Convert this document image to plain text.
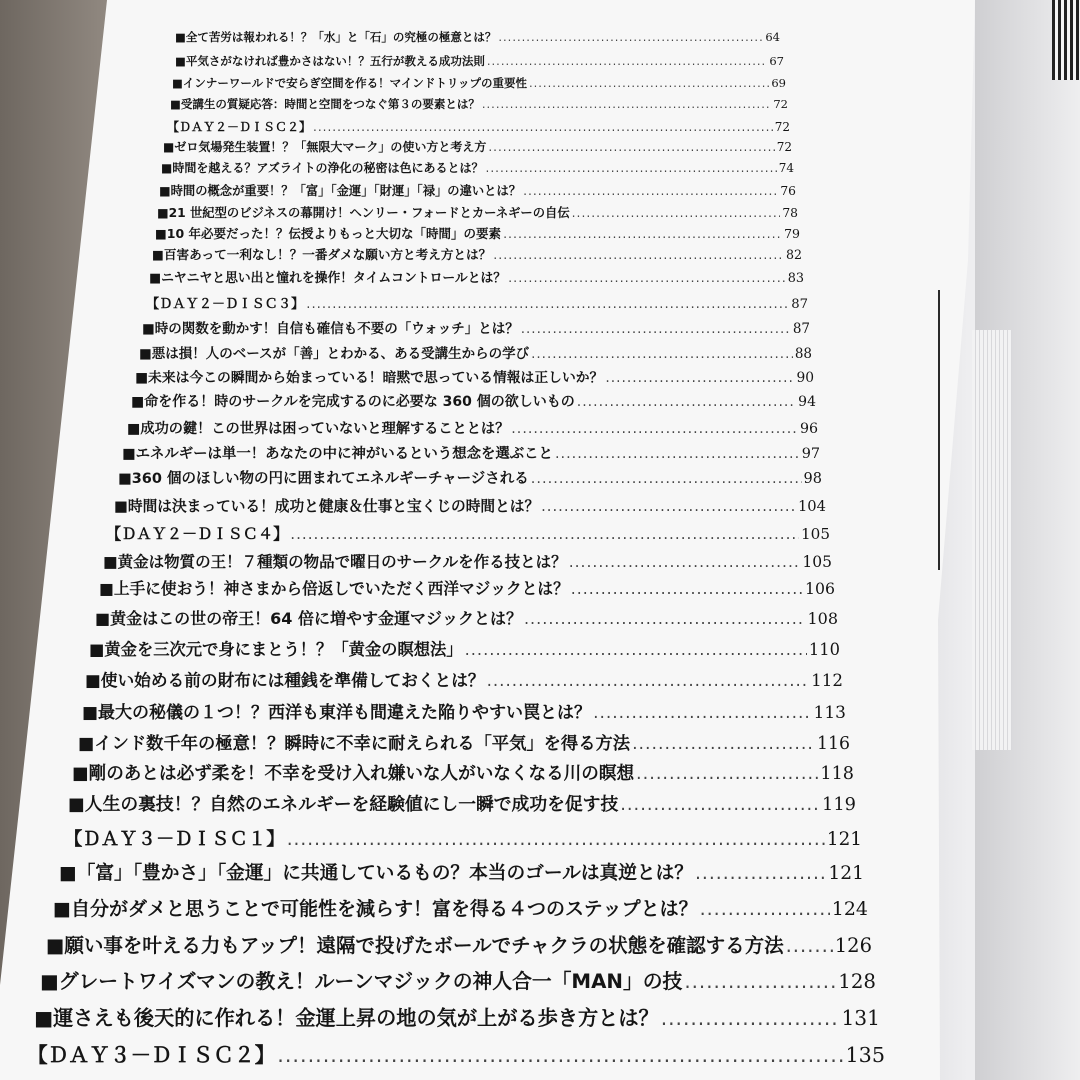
■全て苦労は報われる！？「水」と「石」の究極の極意とは？ .....	64
■平気さがなければ豊かさはない！？五行が教える成功法則 .....	67
■インナーワールドで安らぎ空間を作る！マインドトリップの重要性 .....	69
■受講生の質疑応答：時間と空間をつなぐ第３の要素とは？ .....	72
【ＤＡＹ２－ＤＩＳＣ２】 .....	72
■ゼロ気場発生装置！？「無限大マーク」の使い方と考え方 .....	72
■時間を越える？アズライトの浄化の秘密は色にあるとは？ .....	74
■時間の概念が重要！？「富」「金運」「財運」「禄」の違いとは？ .....	76
■21 世紀型のビジネスの幕開け！ヘンリー・フォードとカーネギーの自伝 .....	78
■10 年必要だった！？伝授よりもっと大切な「時間」の要素 .....	79
■百害あって一利なし！？一番ダメな願い方と考え方とは？ .....	82
■ニヤニヤと思い出と憧れを操作！タイムコントロールとは？ .....	83
【ＤＡＹ２－ＤＩＳＣ３】 .....	87
■時の関数を動かす！自信も確信も不要の「ウォッチ」とは？ .....	87
■悪は損！人のベースが「善」とわかる、ある受講生からの学び .....	88
■未来は今この瞬間から始まっている！暗黙で思っている情報は正しいか？ .....	90
■命を作る！時のサークルを完成するのに必要な 360 個の欲しいもの .....	94
■成功の鍵！この世界は困っていないと理解することとは？ .....	96
■エネルギーは単一！あなたの中に神がいるという想念を選ぶこと .....	97
■360 個のほしい物の円に囲まれてエネルギーチャージされる .....	98
■時間は決まっている！成功と健康＆仕事と宝くじの時間とは？ .....	104
【ＤＡＹ２－ＤＩＳＣ４】 .....	105
■黄金は物質の王！７種類の物品で曜日のサークルを作る技とは？ .....	105
■上手に使おう！神さまから倍返しでいただく西洋マジックとは？ .....	106
■黄金はこの世の帝王！64 倍に増やす金運マジックとは？ .....	108
■黄金を三次元で身にまとう！？「黄金の瞑想法」 .....	110
■使い始める前の財布には種銭を準備しておくとは？ .....	112
■最大の秘儀の１つ！？西洋も東洋も間違えた陥りやすい罠とは？ .....	113
■インド数千年の極意！？瞬時に不幸に耐えられる「平気」を得る方法 .....	116
■剛のあとは必ず柔を！不幸を受け入れ嫌いな人がいなくなる川の瞑想 .....	118
■人生の裏技！？自然のエネルギーを経験値にし一瞬で成功を促す技 .....	119
【ＤＡＹ３－ＤＩＳＣ１】 .....	121
■「富」「豊かさ」「金運」に共通しているもの？本当のゴールは真逆とは？ .....	121
■自分がダメと思うことで可能性を減らす！富を得る４つのステップとは？ .....	124
■願い事を叶える力もアップ！遠隔で投げたボールでチャクラの状態を確認する方法 .....	126
■グレートワイズマンの教え！ルーンマジックの神人合一「MAN」の技 .....	128
■運さえも後天的に作れる！金運上昇の地の気が上がる歩き方とは？ .....	131
【ＤＡＹ３－ＤＩＳＣ２】 .....	135
